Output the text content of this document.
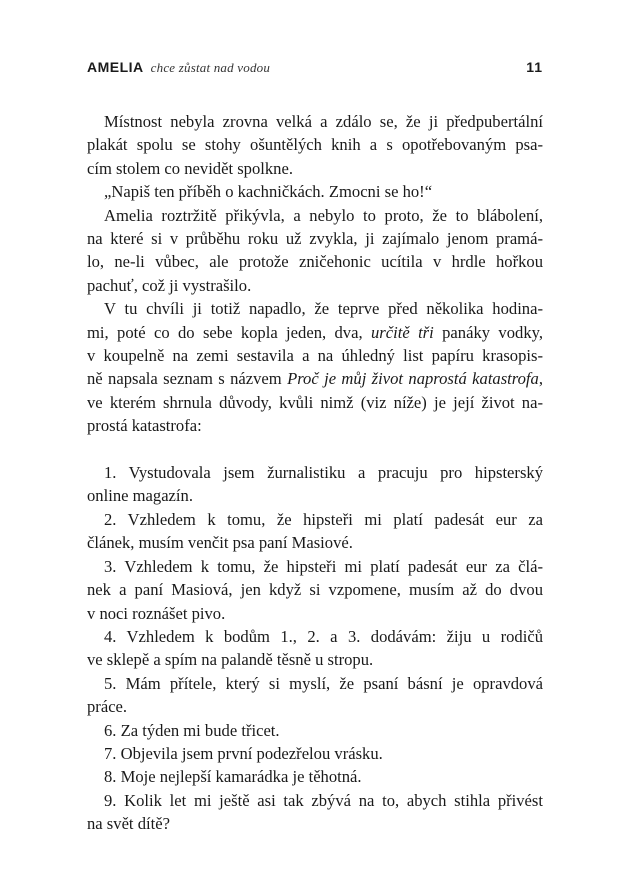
AMELIA chce zůstat nad vodou	11
Místnost nebyla zrovna velká a zdálo se, že ji předpubertální
plakát spolu se stohy ošuntělých knih a s opotřebovaným psa-
cím stolem co nevidět spolkne.
„Napiš ten příběh o kachničkách. Zmocni se ho!“
Amelia roztržitě přikývla, a nebylo to proto, že to blábolení,
na které si v průběhu roku už zvykla, ji zajímalo jenom pramá-
lo, ne-li vůbec, ale protože zničehonic ucítila v hrdle hořkou
pachuť, což ji vystrašilo.
V tu chvíli ji totiž napadlo, že teprve před několika hodina-
mi, poté co do sebe kopla jeden, dva, určitě tři panáky vodky,
v koupelně na zemi sestavila a na úhledný list papíru krasopis-
ně napsala seznam s názvem Proč je můj život naprostá katastrofa,
ve kterém shrnula důvody, kvůli nimž (viz níže) je její život na-
prostá katastrofa:
1. Vystudovala jsem žurnalistiku a pracuju pro hipsterský
online magazín.
2. Vzhledem k tomu, že hipsteři mi platí padesát eur za
článek, musím venčit psa paní Masiové.
3. Vzhledem k tomu, že hipsteři mi platí padesát eur za člá-
nek a paní Masiová, jen když si vzpomene, musím až do dvou
v noci roznášet pivo.
4. Vzhledem k bodům 1., 2. a 3. dodávám: žiju u rodičů
ve sklepě a spím na palandě těsně u stropu.
5. Mám přítele, který si myslí, že psaní básní je opravdová
práce.
6. Za týden mi bude třicet.
7. Objevila jsem první podezřelou vrásku.
8. Moje nejlepší kamarádka je těhotná.
9. Kolik let mi ještě asi tak zbývá na to, abych stihla přivést
na svět dítě?
